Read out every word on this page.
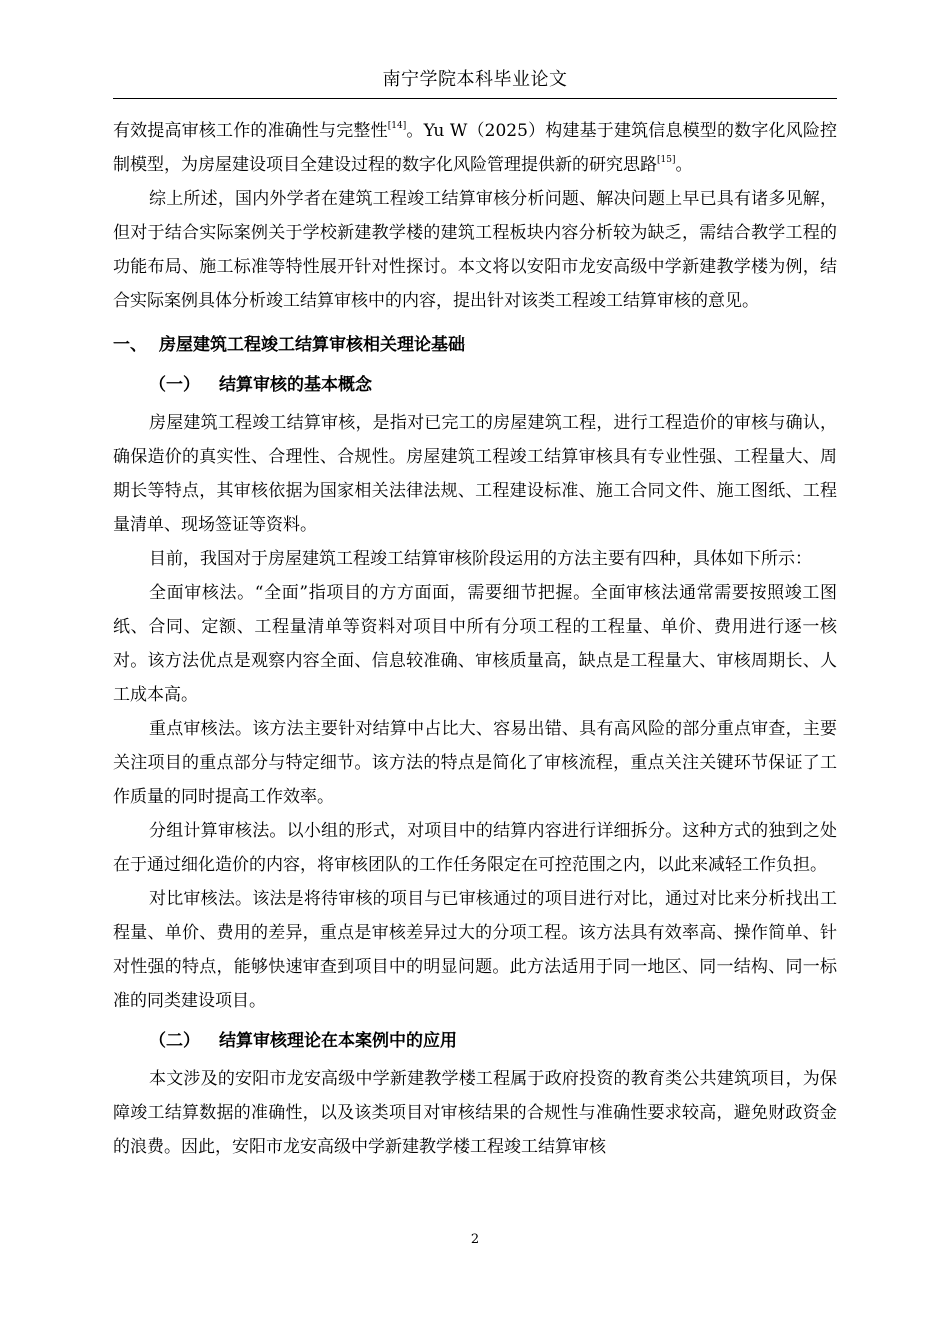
南宁学院本科毕业论文

有效提高审核工作的准确性与完整性[14]。Yu W（2025）构建基于建筑信息模型的数字化风险控制模型，为房屋建设项目全建设过程的数字化风险管理提供新的研究思路[15]。

综上所述，国内外学者在建筑工程竣工结算审核分析问题、解决问题上早已具有诸多见解，但对于结合实际案例关于学校新建教学楼的建筑工程板块内容分析较为缺乏，需结合教学工程的功能布局、施工标准等特性展开针对性探讨。本文将以安阳市龙安高级中学新建教学楼为例，结合实际案例具体分析竣工结算审核中的内容，提出针对该类工程竣工结算审核的意见。

一、 房屋建筑工程竣工结算审核相关理论基础
（一） 结算审核的基本概念

房屋建筑工程竣工结算审核，是指对已完工的房屋建筑工程，进行工程造价的审核与确认，确保造价的真实性、合理性、合规性。房屋建筑工程竣工结算审核具有专业性强、工程量大、周期长等特点，其审核依据为国家相关法律法规、工程建设标准、施工合同文件、施工图纸、工程量清单、现场签证等资料。

目前，我国对于房屋建筑工程竣工结算审核阶段运用的方法主要有四种，具体如下所示：

全面审核法。“全面”指项目的方方面面，需要细节把握。全面审核法通常需要按照竣工图纸、合同、定额、工程量清单等资料对项目中所有分项工程的工程量、单价、费用进行逐一核对。该方法优点是观察内容全面、信息较准确、审核质量高，缺点是工程量大、审核周期长、人工成本高。

重点审核法。该方法主要针对结算中占比大、容易出错、具有高风险的部分重点审查，主要关注项目的重点部分与特定细节。该方法的特点是简化了审核流程，重点关注关键环节保证了工作质量的同时提高工作效率。

分组计算审核法。以小组的形式，对项目中的结算内容进行详细拆分。这种方式的独到之处在于通过细化造价的内容，将审核团队的工作任务限定在可控范围之内，以此来减轻工作负担。

对比审核法。该法是将待审核的项目与已审核通过的项目进行对比，通过对比来分析找出工程量、单价、费用的差异，重点是审核差异过大的分项工程。该方法具有效率高、操作简单、针对性强的特点，能够快速审查到项目中的明显问题。此方法适用于同一地区、同一结构、同一标准的同类建设项目。

（二） 结算审核理论在本案例中的应用

本文涉及的安阳市龙安高级中学新建教学楼工程属于政府投资的教育类公共建筑项目，为保障竣工结算数据的准确性，以及该类项目对审核结果的合规性与准确性要求较高，避免财政资金的浪费。因此，安阳市龙安高级中学新建教学楼工程竣工结算审核

2
